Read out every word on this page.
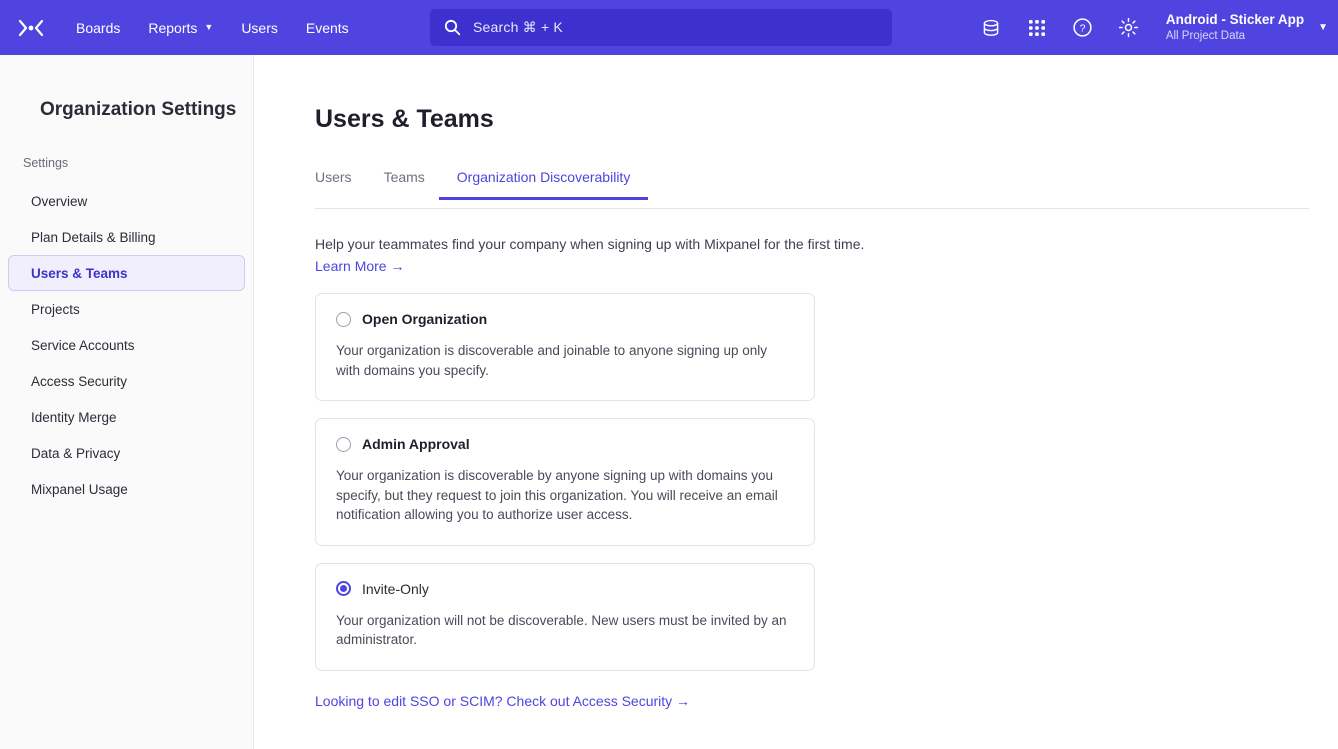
Boards Reports ▼ Users Events	Search ⌘ + K	?
Android - Sticker App
All Project Data
▼
Organization Settings
Settings
Overview
Plan Details & Billing
Users & Teams
Projects
Service Accounts
Access Security
Identity Merge
Data & Privacy
Mixpanel Usage
Users & Teams
Users Teams Organization Discoverability
Help your teammates find your company when signing up with Mixpanel for the first time.
Learn More →
Open Organization
Your organization is discoverable and joinable to anyone signing up only with domains you specify.
Admin Approval
Your organization is discoverable by anyone signing up with domains you specify, but they request to join this organization. You will receive an email notification allowing you to authorize user access.
Invite-Only
Your organization will not be discoverable. New users must be invited by an administrator.
Looking to edit SSO or SCIM? Check out Access Security →
